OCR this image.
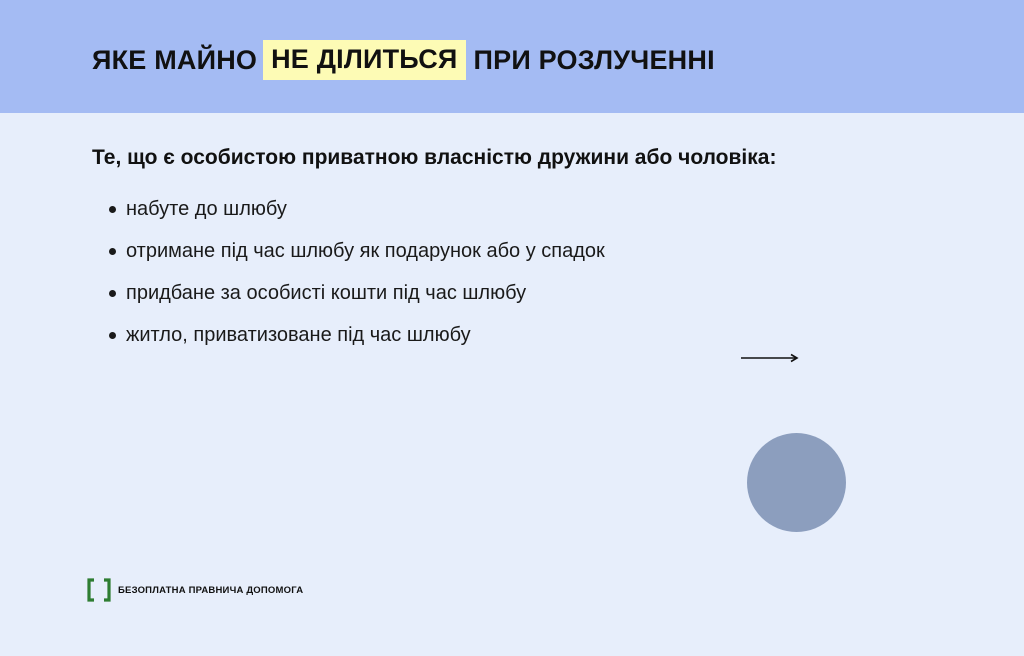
ЯКЕ МАЙНО НЕ ДІЛИТЬСЯ ПРИ РОЗЛУЧЕННІ
Те, що є особистою приватною власністю дружини або чоловіка:
набуте до шлюбу
отримане під час шлюбу як подарунок або у спадок
придбане за особисті кошти під час шлюбу
житло, приватизоване під час шлюбу
БЕЗОПЛАТНА ПРАВНИЧА ДОПОМОГА
